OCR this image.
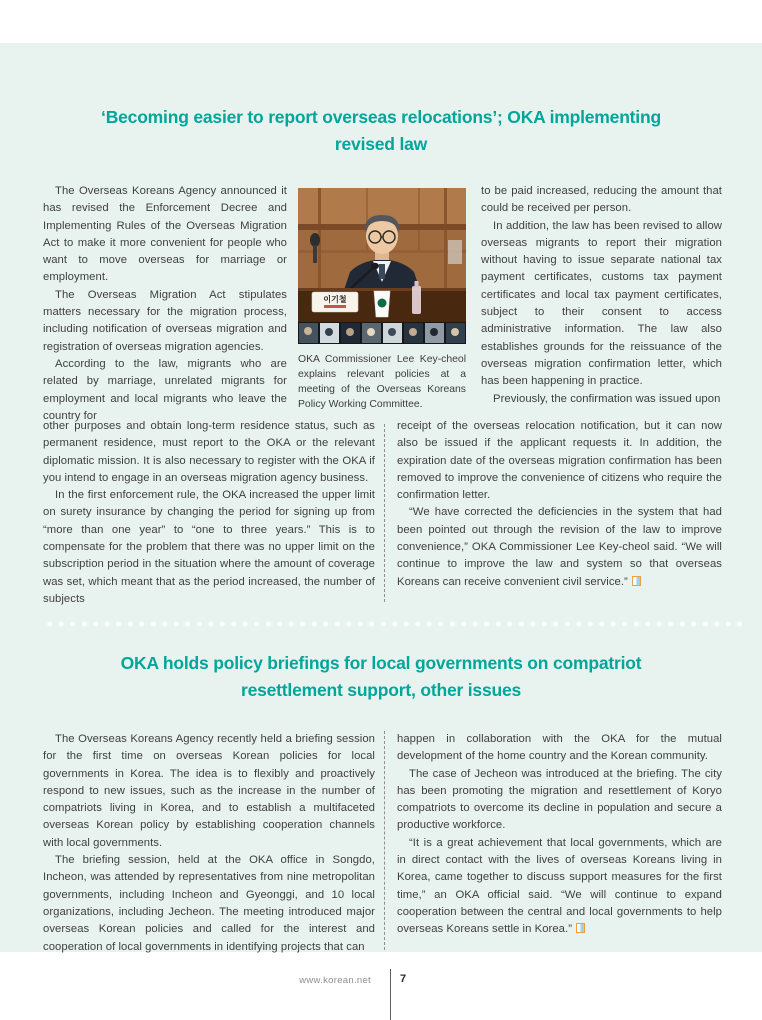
‘Becoming easier to report overseas relocations’; OKA implementing
revised law

The Overseas Koreans Agency announced it has revised the Enforcement Decree and Implementing Rules of the Overseas Migration Act to make it more convenient for people who want to move overseas for marriage or employment.

The Overseas Migration Act stipulates matters necessary for the migration process, including notification of overseas migration and registration of overseas migration agencies.

According to the law, migrants who are related by marriage, unrelated migrants for employment and local migrants who leave the country for

other purposes and obtain long-term residence status, such as permanent residence, must report to the OKA or the relevant diplomatic mission. It is also necessary to register with the OKA if you intend to engage in an overseas migration agency business.

In the first enforcement rule, the OKA increased the upper limit on surety insurance by changing the period for signing up from “more than one year” to “one to three years.” This is to compensate for the problem that there was no upper limit on the subscription period in the situation where the amount of coverage was set, which meant that as the period increased, the number of subjects

to be paid increased, reducing the amount that could be received per person.

In addition, the law has been revised to allow overseas migrants to report their migration without having to issue separate national tax payment certificates, customs tax payment certificates and local tax payment certificates, subject to their consent to access administrative information. The law also establishes grounds for the reissuance of the overseas migration confirmation letter, which has been happening in practice.

Previously, the confirmation was issued upon

receipt of the overseas relocation notification, but it can now also be issued if the applicant requests it. In addition, the expiration date of the overseas migration confirmation has been removed to improve the convenience of citizens who require the confirmation letter.

“We have corrected the deficiencies in the system that had been pointed out through the revision of the law to improve convenience,” OKA Commissioner Lee Key-cheol said. “We will continue to improve the law and system so that overseas Koreans can receive convenient civil service.”

이기철
OKA Commissioner Lee Key-cheol explains relevant policies at a meeting of the Overseas Koreans Policy Working Committee.
OKA holds policy briefings for local governments on compatriot
resettlement support, other issues

The Overseas Koreans Agency recently held a briefing session for the first time on overseas Korean policies for local governments in Korea. The idea is to flexibly and proactively respond to new issues, such as the increase in the number of compatriots living in Korea, and to establish a multifaceted overseas Korean policy by establishing cooperation channels with local governments.

The briefing session, held at the OKA office in Songdo, Incheon, was attended by representatives from nine metropolitan governments, including Incheon and Gyeonggi, and 10 local organizations, including Jecheon. The meeting introduced major overseas Korean policies and called for the interest and cooperation of local governments in identifying projects that can

happen in collaboration with the OKA for the mutual development of the home country and the Korean community.

The case of Jecheon was introduced at the briefing. The city has been promoting the migration and resettlement of Koryo compatriots to overcome its decline in population and secure a productive workforce.

“It is a great achievement that local governments, which are in direct contact with the lives of overseas Koreans living in Korea, came together to discuss support measures for the first time,” an OKA official said. “We will continue to expand cooperation between the central and local governments to help overseas Koreans settle in Korea.”

www.korean.net	7
